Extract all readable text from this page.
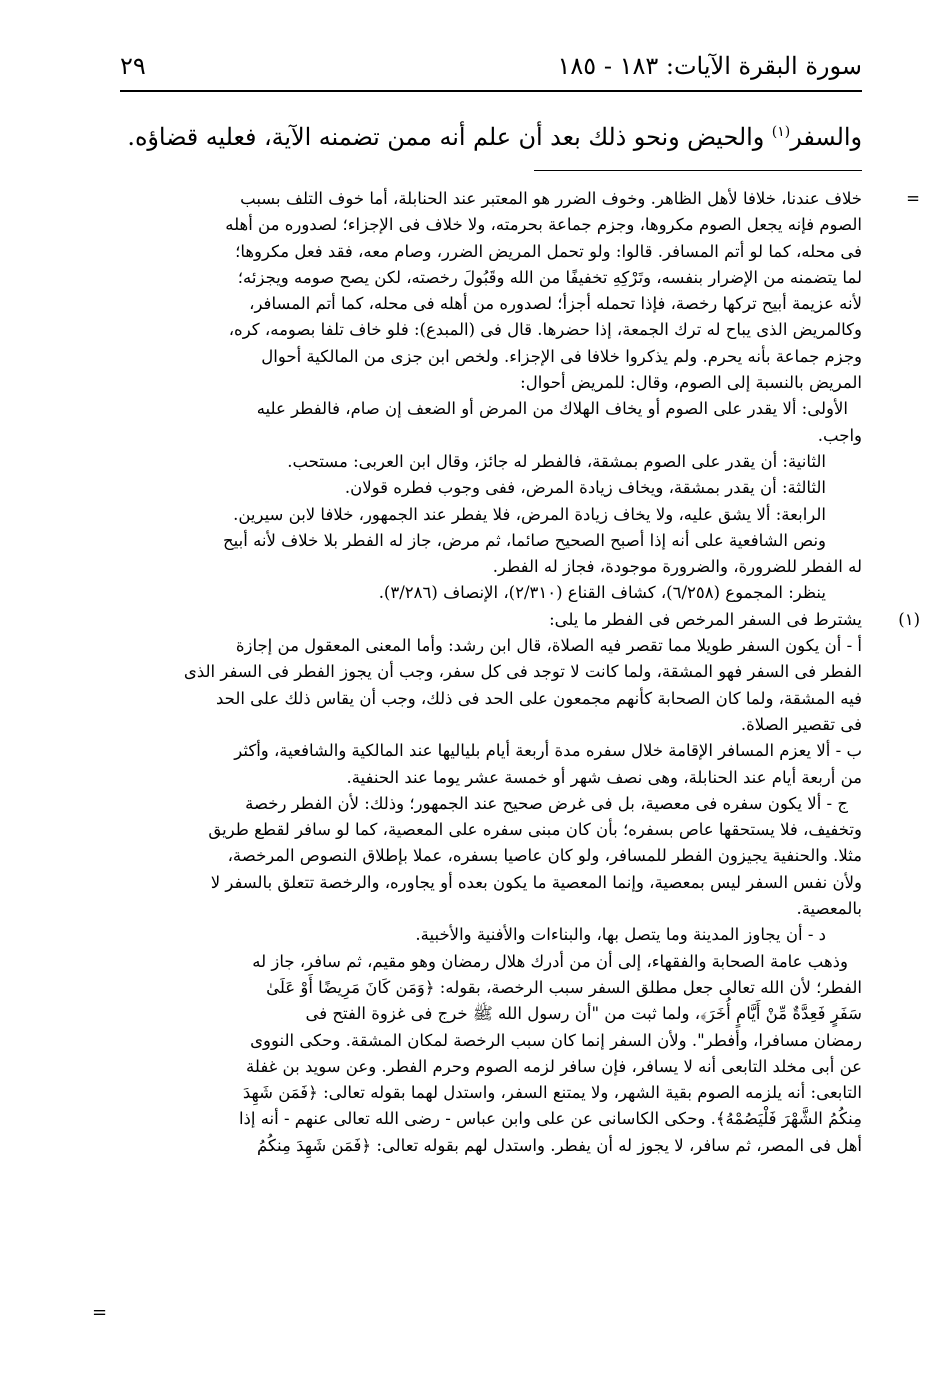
سورة البقرة الآيات: ١٨٣ - ١٨٥
٢٩
والسفر$^{(١)}$ والحيض ونحو ذلك بعد أن علم أنه ممن تضمنه الآية، فعليه قضاؤه.
=
خلاف عندنا، خلافا لأهل الظاهر. وخوف الضرر هو المعتبر عند الحنابلة، أما خوف التلف بسبب
الصوم فإنه يجعل الصوم مكروها، وجزم جماعة بحرمته، ولا خلاف فى الإجزاء؛ لصدوره من أهله
فى محله، كما لو أتم المسافر. قالوا: ولو تحمل المريض الضرر، وصام معه، فقد فعل مكروها؛
لما يتضمنه من الإضرار بنفسه، وتَرْكِهِ تخفيفًا من الله وقَبُولَ رخصته، لكن يصح صومه ويجزئه؛
لأنه عزيمة أبيح تركها رخصة، فإذا تحمله أجزأ؛ لصدوره من أهله فى محله، كما أتم المسافر،
وكالمريض الذى يباح له ترك الجمعة، إذا حضرها. قال فى (المبدع): فلو خاف تلفا بصومه، كره،
وجزم جماعة بأنه يحرم. ولم يذكروا خلافا فى الإجزاء. ولخص ابن جزى من المالكية أحوال
المريض بالنسبة إلى الصوم، وقال: للمريض أحوال:
الأولى: ألا يقدر على الصوم أو يخاف الهلاك من المرض أو الضعف إن صام، فالفطر عليه
واجب.
الثانية: أن يقدر على الصوم بمشقة، فالفطر له جائز، وقال ابن العربى: مستحب.
الثالثة: أن يقدر بمشقة، ويخاف زيادة المرض، ففى وجوب فطره قولان.
الرابعة: ألا يشق عليه، ولا يخاف زيادة المرض، فلا يفطر عند الجمهور، خلافا لابن سيرين.
ونص الشافعية على أنه إذا أصبح الصحيح صائما، ثم مرض، جاز له الفطر بلا خلاف لأنه أبيح
له الفطر للضرورة، والضرورة موجودة، فجاز له الفطر.
ينظر: المجموع (٦/٢٥٨)، كشاف القناع (٢/٣١٠)، الإنصاف (٣/٢٨٦).
(١)
يشترط فى السفر المرخص فى الفطر ما يلى:
أ - أن يكون السفر طويلا مما تقصر فيه الصلاة، قال ابن رشد: وأما المعنى المعقول من إجازة
الفطر فى السفر فهو المشقة، ولما كانت لا توجد فى كل سفر، وجب أن يجوز الفطر فى السفر الذى
فيه المشقة، ولما كان الصحابة كأنهم مجمعون على الحد فى ذلك، وجب أن يقاس ذلك على الحد
فى تقصير الصلاة.
ب - ألا يعزم المسافر الإقامة خلال سفره مدة أربعة أيام بلياليها عند المالكية والشافعية، وأكثر
من أربعة أيام عند الحنابلة، وهى نصف شهر أو خمسة عشر يوما عند الحنفية.
ج - ألا يكون سفره فى معصية، بل فى غرض صحيح عند الجمهور؛ وذلك: لأن الفطر رخصة
وتخفيف، فلا يستحقها عاص بسفره؛ بأن كان مبنى سفره على المعصية، كما لو سافر لقطع طريق
مثلا. والحنفية يجيزون الفطر للمسافر، ولو كان عاصيا بسفره، عملا بإطلاق النصوص المرخصة،
ولأن نفس السفر ليس بمعصية، وإنما المعصية ما يكون بعده أو يجاوره، والرخصة تتعلق بالسفر لا
بالمعصية.
د - أن يجاوز المدينة وما يتصل بها، والبناءات والأفنية والأخبية.
وذهب عامة الصحابة والفقهاء، إلى أن من أدرك هلال رمضان وهو مقيم، ثم سافر، جاز له
الفطر؛ لأن الله تعالى جعل مطلق السفر سبب الرخصة، بقوله: ﴿وَمَن كَانَ مَرِيضًا أَوْ عَلَىٰ
سَفَرٍ فَعِدَّةٌ مِّنْ أَيَّامٍ أُخَرَ﴾، ولما ثبت من "أن رسول الله ﷺ خرج فى غزوة الفتح فى
رمضان مسافرا، وأفطر". ولأن السفر إنما كان سبب الرخصة لمكان المشقة. وحكى النووى
عن أبى مخلد التابعى أنه لا يسافر، فإن سافر لزمه الصوم وحرم الفطر. وعن سويد بن غفلة
التابعى: أنه يلزمه الصوم بقية الشهر، ولا يمتنع السفر، واستدل لهما بقوله تعالى: ﴿فَمَن شَهِدَ
مِنكُمُ الشَّهْرَ فَلْيَصُمْهُ﴾. وحكى الكاسانى عن على وابن عباس - رضى الله تعالى عنهم - أنه إذا
أهل فى المصر، ثم سافر، لا يجوز له أن يفطر. واستدل لهم بقوله تعالى: ﴿فَمَن شَهِدَ مِنكُمُ
=
